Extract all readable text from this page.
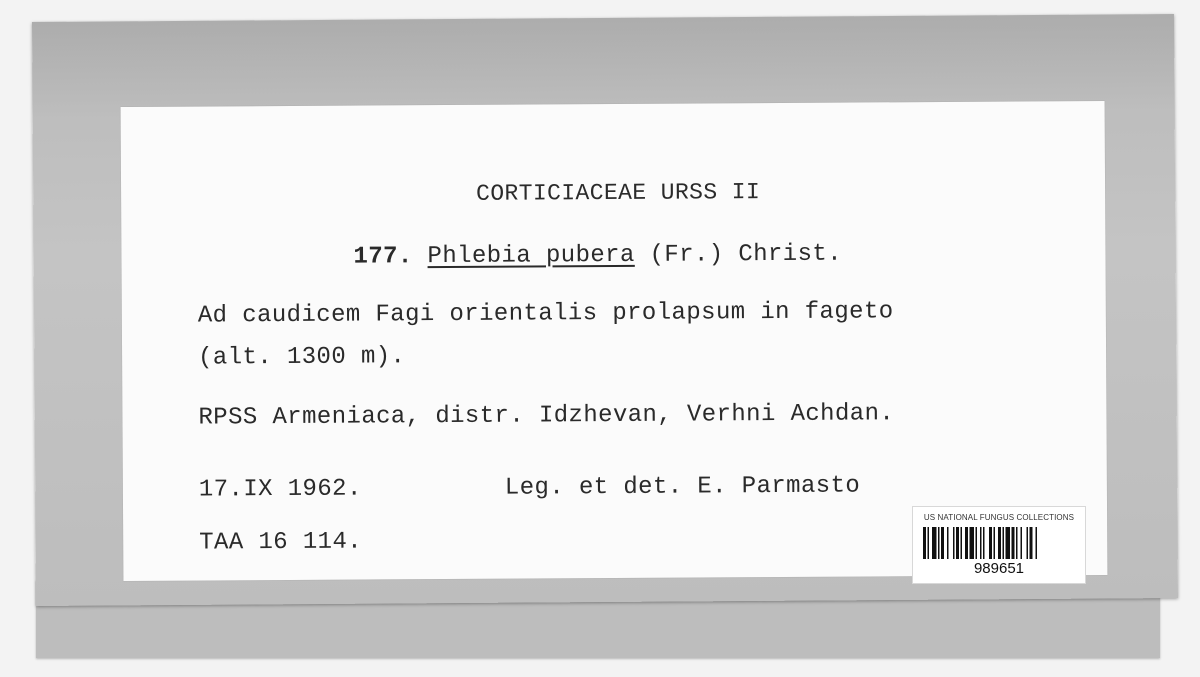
CORTICIACEAE URSS II
177. Phlebia pubera (Fr.) Christ.
Ad caudicem Fagi orientalis prolapsum in fageto
(alt. 1300 m).
RPSS Armeniaca, distr. Idzhevan, Verhni Achdan.
17.IX 1962.	Leg. et det. E. Parmasto
TAA 16 114.
US NATIONAL FUNGUS COLLECTIONS
989651
